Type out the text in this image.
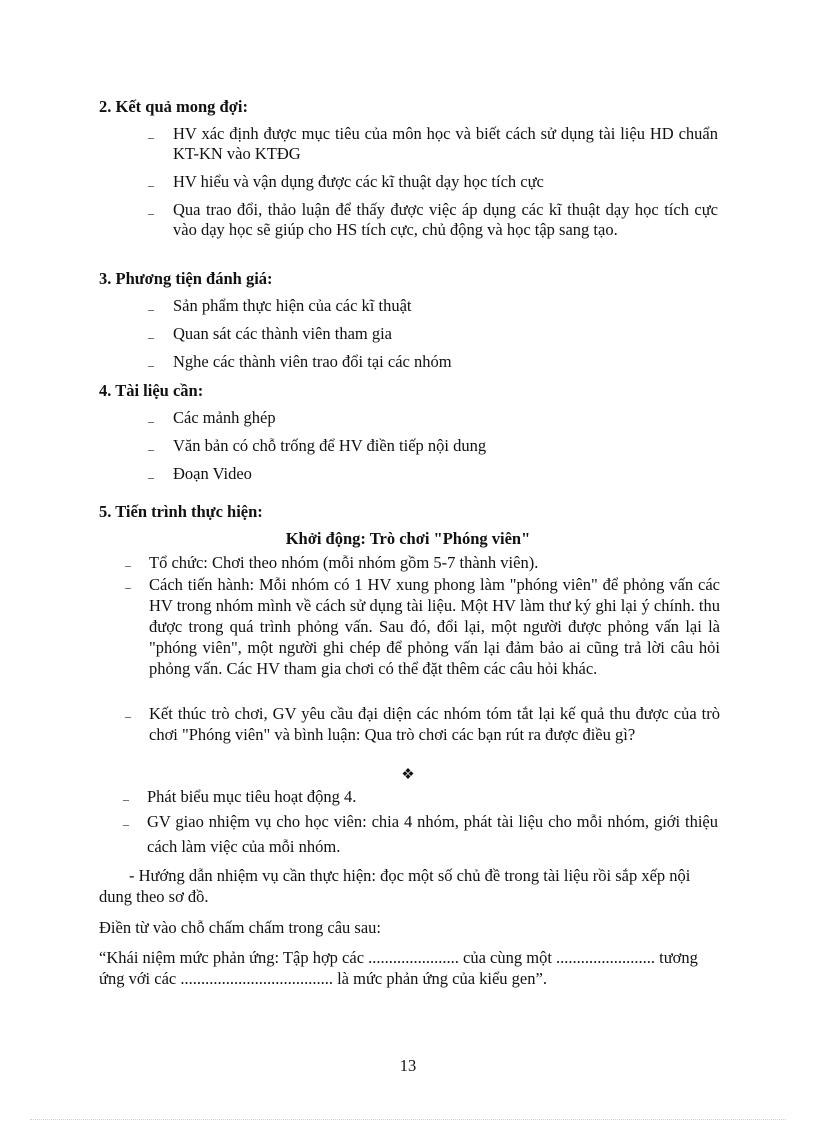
2. Kết quả mong đợi:
– HV xác định được mục tiêu của môn học và biết cách sử dụng tài liệu HD chuẩn KT-KN vào KTĐG
– HV hiểu và vận dụng được các kĩ thuật dạy học tích cực
– Qua trao đổi, thảo luận để thấy được việc áp dụng các kĩ thuật dạy học tích cực vào dạy học sẽ giúp cho HS tích cực, chủ động và học tập sang tạo.
3. Phương tiện đánh giá:
– Sản phẩm thực hiện của các kĩ thuật
– Quan sát các thành viên tham gia
– Nghe các thành viên trao đổi tại các nhóm
4. Tài liệu cần:
– Các mảnh ghép
– Văn bản có chỗ trống để HV điền tiếp nội dung
– Đoạn Video
5. Tiến trình thực hiện:
Khởi động: Trò chơi "Phóng viên"
– Tổ chức: Chơi theo nhóm (mỗi nhóm gồm 5-7 thành viên).
– Cách tiến hành: Mỗi nhóm có 1 HV xung phong làm "phóng viên" để phỏng vấn các HV trong nhóm mình về cách sử dụng tài liệu. Một HV làm thư ký ghi lại ý chính. thu được trong quá trình phỏng vấn. Sau đó, đổi lại, một người được phỏng vấn lại là "phóng viên", một người ghi chép để phỏng vấn lại đảm bảo ai cũng trả lời câu hỏi phỏng vấn. Các HV tham gia chơi có thể đặt thêm các câu hỏi khác.
– Kết thúc trò chơi, GV yêu cầu đại diện các nhóm tóm tắt lại kế quả thu được của trò chơi "Phóng viên" và bình luận: Qua trò chơi các bạn rút ra được điều gì?
❖
– Phát biểu mục tiêu hoạt động 4.
– GV giao nhiệm vụ cho học viên: chia 4 nhóm, phát tài liệu cho mỗi nhóm, giới thiệu cách làm việc của mỗi nhóm.
- Hướng dẫn nhiệm vụ cần thực hiện: đọc một số chủ đề trong tài liệu rồi sắp xếp nội dung theo sơ đồ.
Điền từ vào chỗ chấm chấm trong câu sau:
“Khái niệm mức phản ứng: Tập hợp các ...................... của cùng một ........................ tương ứng với các ..................................... là mức phản ứng của kiểu gen”.
13
